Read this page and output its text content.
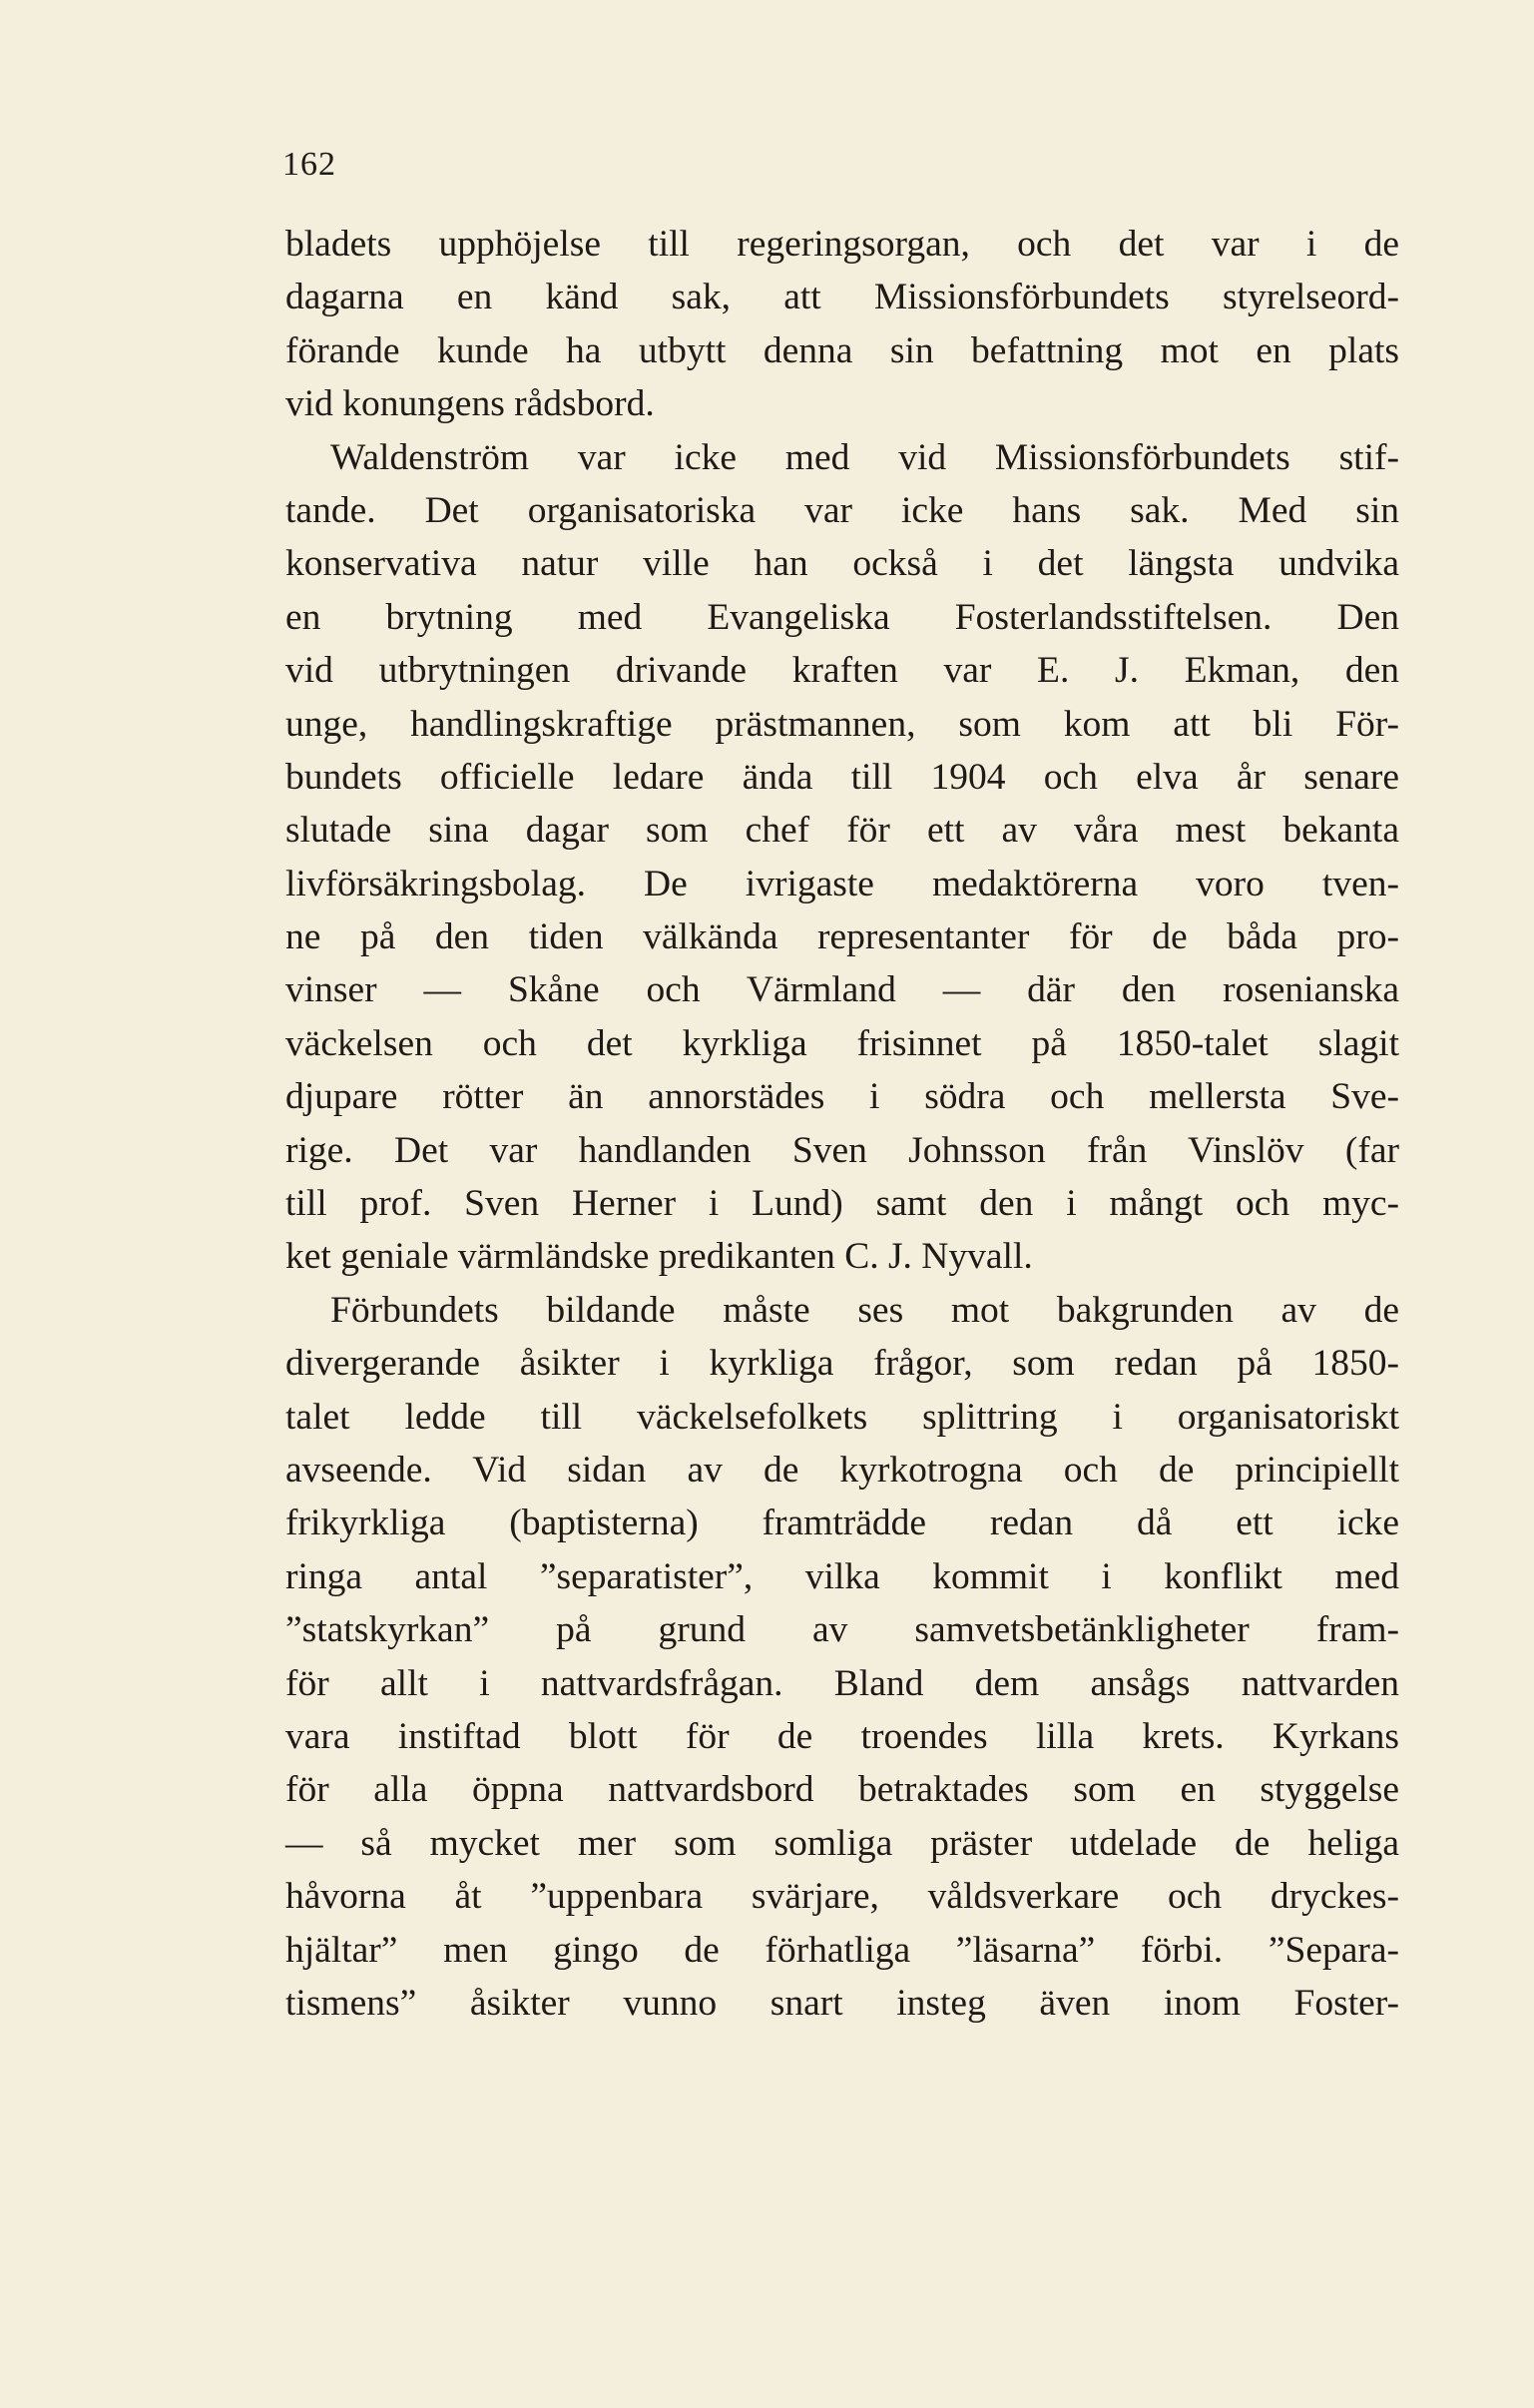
162
bladets upphöjelse till regeringsorgan, och det var i de
dagarna en känd sak, att Missionsförbundets styrelseord-
förande kunde ha utbytt denna sin befattning mot en plats
vid konungens rådsbord.
Waldenström var icke med vid Missionsförbundets stif-
tande. Det organisatoriska var icke hans sak. Med sin
konservativa natur ville han också i det längsta undvika
en brytning med Evangeliska Fosterlandsstiftelsen. Den
vid utbrytningen drivande kraften var E. J. Ekman, den
unge, handlingskraftige prästmannen, som kom att bli För-
bundets officielle ledare ända till 1904 och elva år senare
slutade sina dagar som chef för ett av våra mest bekanta
livförsäkringsbolag. De ivrigaste medaktörerna voro tven-
ne på den tiden välkända representanter för de båda pro-
vinser — Skåne och Värmland — där den rosenianska
väckelsen och det kyrkliga frisinnet på 1850-talet slagit
djupare rötter än annorstädes i södra och mellersta Sve-
rige. Det var handlanden Sven Johnsson från Vinslöv (far
till prof. Sven Herner i Lund) samt den i mångt och myc-
ket geniale värmländske predikanten C. J. Nyvall.
Förbundets bildande måste ses mot bakgrunden av de
divergerande åsikter i kyrkliga frågor, som redan på 1850-
talet ledde till väckelsefolkets splittring i organisatoriskt
avseende. Vid sidan av de kyrkotrogna och de principiellt
frikyrkliga (baptisterna) framträdde redan då ett icke
ringa antal ”separatister”, vilka kommit i konflikt med
”statskyrkan” på grund av samvetsbetänkligheter fram-
för allt i nattvardsfrågan. Bland dem ansågs nattvarden
vara instiftad blott för de troendes lilla krets. Kyrkans
för alla öppna nattvardsbord betraktades som en styggelse
— så mycket mer som somliga präster utdelade de heliga
håvorna åt ”uppenbara svärjare, våldsverkare och dryckes-
hjältar” men gingo de förhatliga ”läsarna” förbi. ”Separa-
tismens” åsikter vunno snart insteg även inom Foster-
